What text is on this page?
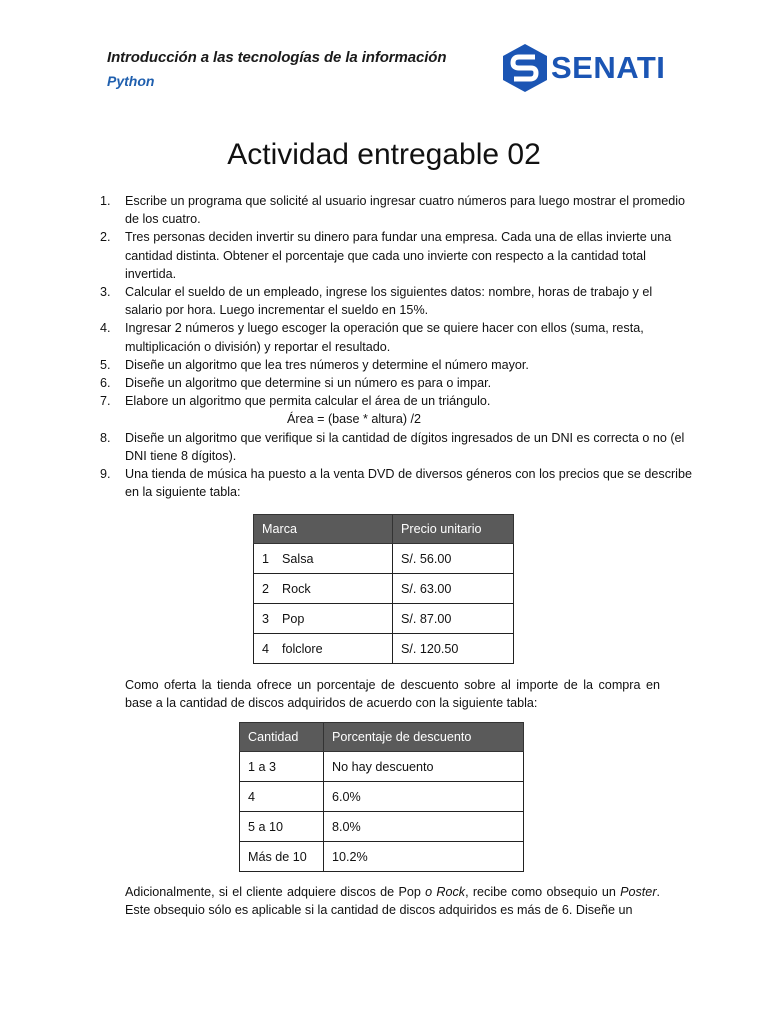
Introducción a las tecnologías de la información
Python	SENATI
Actividad entregable 02
1. Escribe un programa que solicité al usuario ingresar cuatro números para luego mostrar el promedio de los cuatro.
2. Tres personas deciden invertir su dinero para fundar una empresa. Cada una de ellas invierte una cantidad distinta. Obtener el porcentaje que cada uno invierte con respecto a la cantidad total invertida.
3. Calcular el sueldo de un empleado, ingrese los siguientes datos: nombre, horas de trabajo y el salario por hora. Luego incrementar el sueldo en 15%.
4. Ingresar 2 números y luego escoger la operación que se quiere hacer con ellos (suma, resta, multiplicación o división) y reportar el resultado.
5. Diseñe un algoritmo que lea tres números y determine el número mayor.
6. Diseñe un algoritmo que determine si un número es para o impar.
7. Elabore un algoritmo que permita calcular el área de un triángulo.
Área = (base * altura) /2
8. Diseñe un algoritmo que verifique si la cantidad de dígitos ingresados de un DNI es correcta o no (el DNI tiene 8 dígitos).
9. Una tienda de música ha puesto a la venta DVD de diversos géneros con los precios que se describe en la siguiente tabla:
Marca	Precio unitario
1 Salsa	S/. 56.00
2 Rock	S/. 63.00
3 Pop	S/. 87.00
4 folclore	S/. 120.50

Como oferta la tienda ofrece un porcentaje de descuento sobre al importe de la compra en base a la cantidad de discos adquiridos de acuerdo con la siguiente tabla:

Cantidad	Porcentaje de descuento
1 a 3	No hay descuento
4	6.0%
5 a 10	8.0%
Más de 10	10.2%

Adicionalmente, si el cliente adquiere discos de Pop o Rock, recibe como obsequio un Poster. Este obsequio sólo es aplicable si la cantidad de discos adquiridos es más de 6. Diseñe un
